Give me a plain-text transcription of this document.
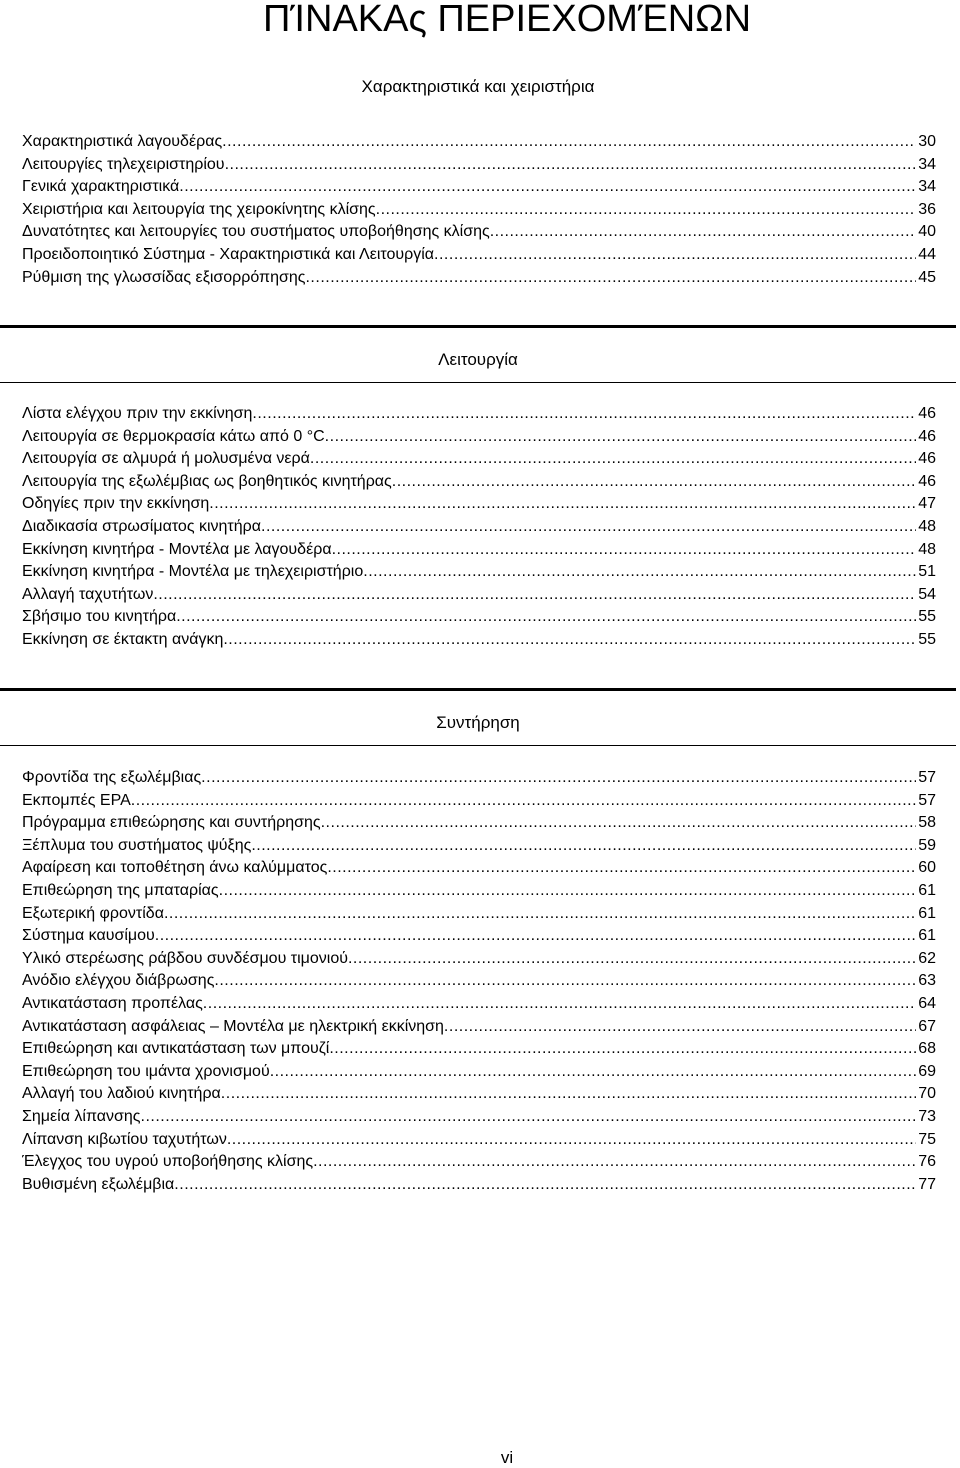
ΠΊΝΑΚΑς ΠΕΡΙΕΧΟΜΈΝΩΝ
Χαρακτηριστικά και χειριστήρια
Χαρακτηριστικά λαγουδέρας .....	30
Λειτουργίες τηλεχειριστηρίου .....	34
Γενικά χαρακτηριστικά .....	34
Χειριστήρια και λειτουργία της χειροκίνητης κλίσης .....	36
Δυνατότητες και λειτουργίες του συστήματος υποβοήθησης κλίσης .....	40
Προειδοποιητικό Σύστημα - Χαρακτηριστικά και Λειτουργία .....	44
Ρύθμιση της γλωσσίδας εξισορρόπησης .....	45
Λειτουργία
Λίστα ελέγχου πριν την εκκίνηση .....	46
Λειτουργία σε θερμοκρασία κάτω από 0 °C .....	46
Λειτουργία σε αλμυρά ή μολυσμένα νερά .....	46
Λειτουργία της εξωλέμβιας ως βοηθητικός κινητήρας .....	46
Οδηγίες πριν την εκκίνηση .....	47
Διαδικασία στρωσίματος κινητήρα .....	48
Εκκίνηση κινητήρα - Μοντέλα με λαγουδέρα .....	48
Εκκίνηση κινητήρα - Μοντέλα με τηλεχειριστήριο .....	51
Αλλαγή ταχυτήτων .....	54
Σβήσιμο του κινητήρα .....	55
Εκκίνηση σε έκτακτη ανάγκη .....	55
Συντήρηση
Φροντίδα της εξωλέμβιας .....	57
Εκπομπές EPA .....	57
Πρόγραμμα επιθεώρησης και συντήρησης .....	58
Ξέπλυμα του συστήματος ψύξης .....	59
Αφαίρεση και τοποθέτηση άνω καλύμματος .....	60
Επιθεώρηση της μπαταρίας .....	61
Εξωτερική φροντίδα .....	61
Σύστημα καυσίμου .....	61
Υλικό στερέωσης ράβδου συνδέσμου τιμονιού .....	62
Ανόδιο ελέγχου διάβρωσης .....	63
Αντικατάσταση προπέλας .....	64
Αντικατάσταση ασφάλειας – Μοντέλα με ηλεκτρική εκκίνηση .....	67
Επιθεώρηση και αντικατάσταση των μπουζί .....	68
Επιθεώρηση του ιμάντα χρονισμού .....	69
Αλλαγή του λαδιού κινητήρα .....	70
Σημεία λίπανσης .....	73
Λίπανση κιβωτίου ταχυτήτων .....	75
Έλεγχος του υγρού υποβοήθησης κλίσης .....	76
Βυθισμένη εξωλέμβια .....	77
vi
